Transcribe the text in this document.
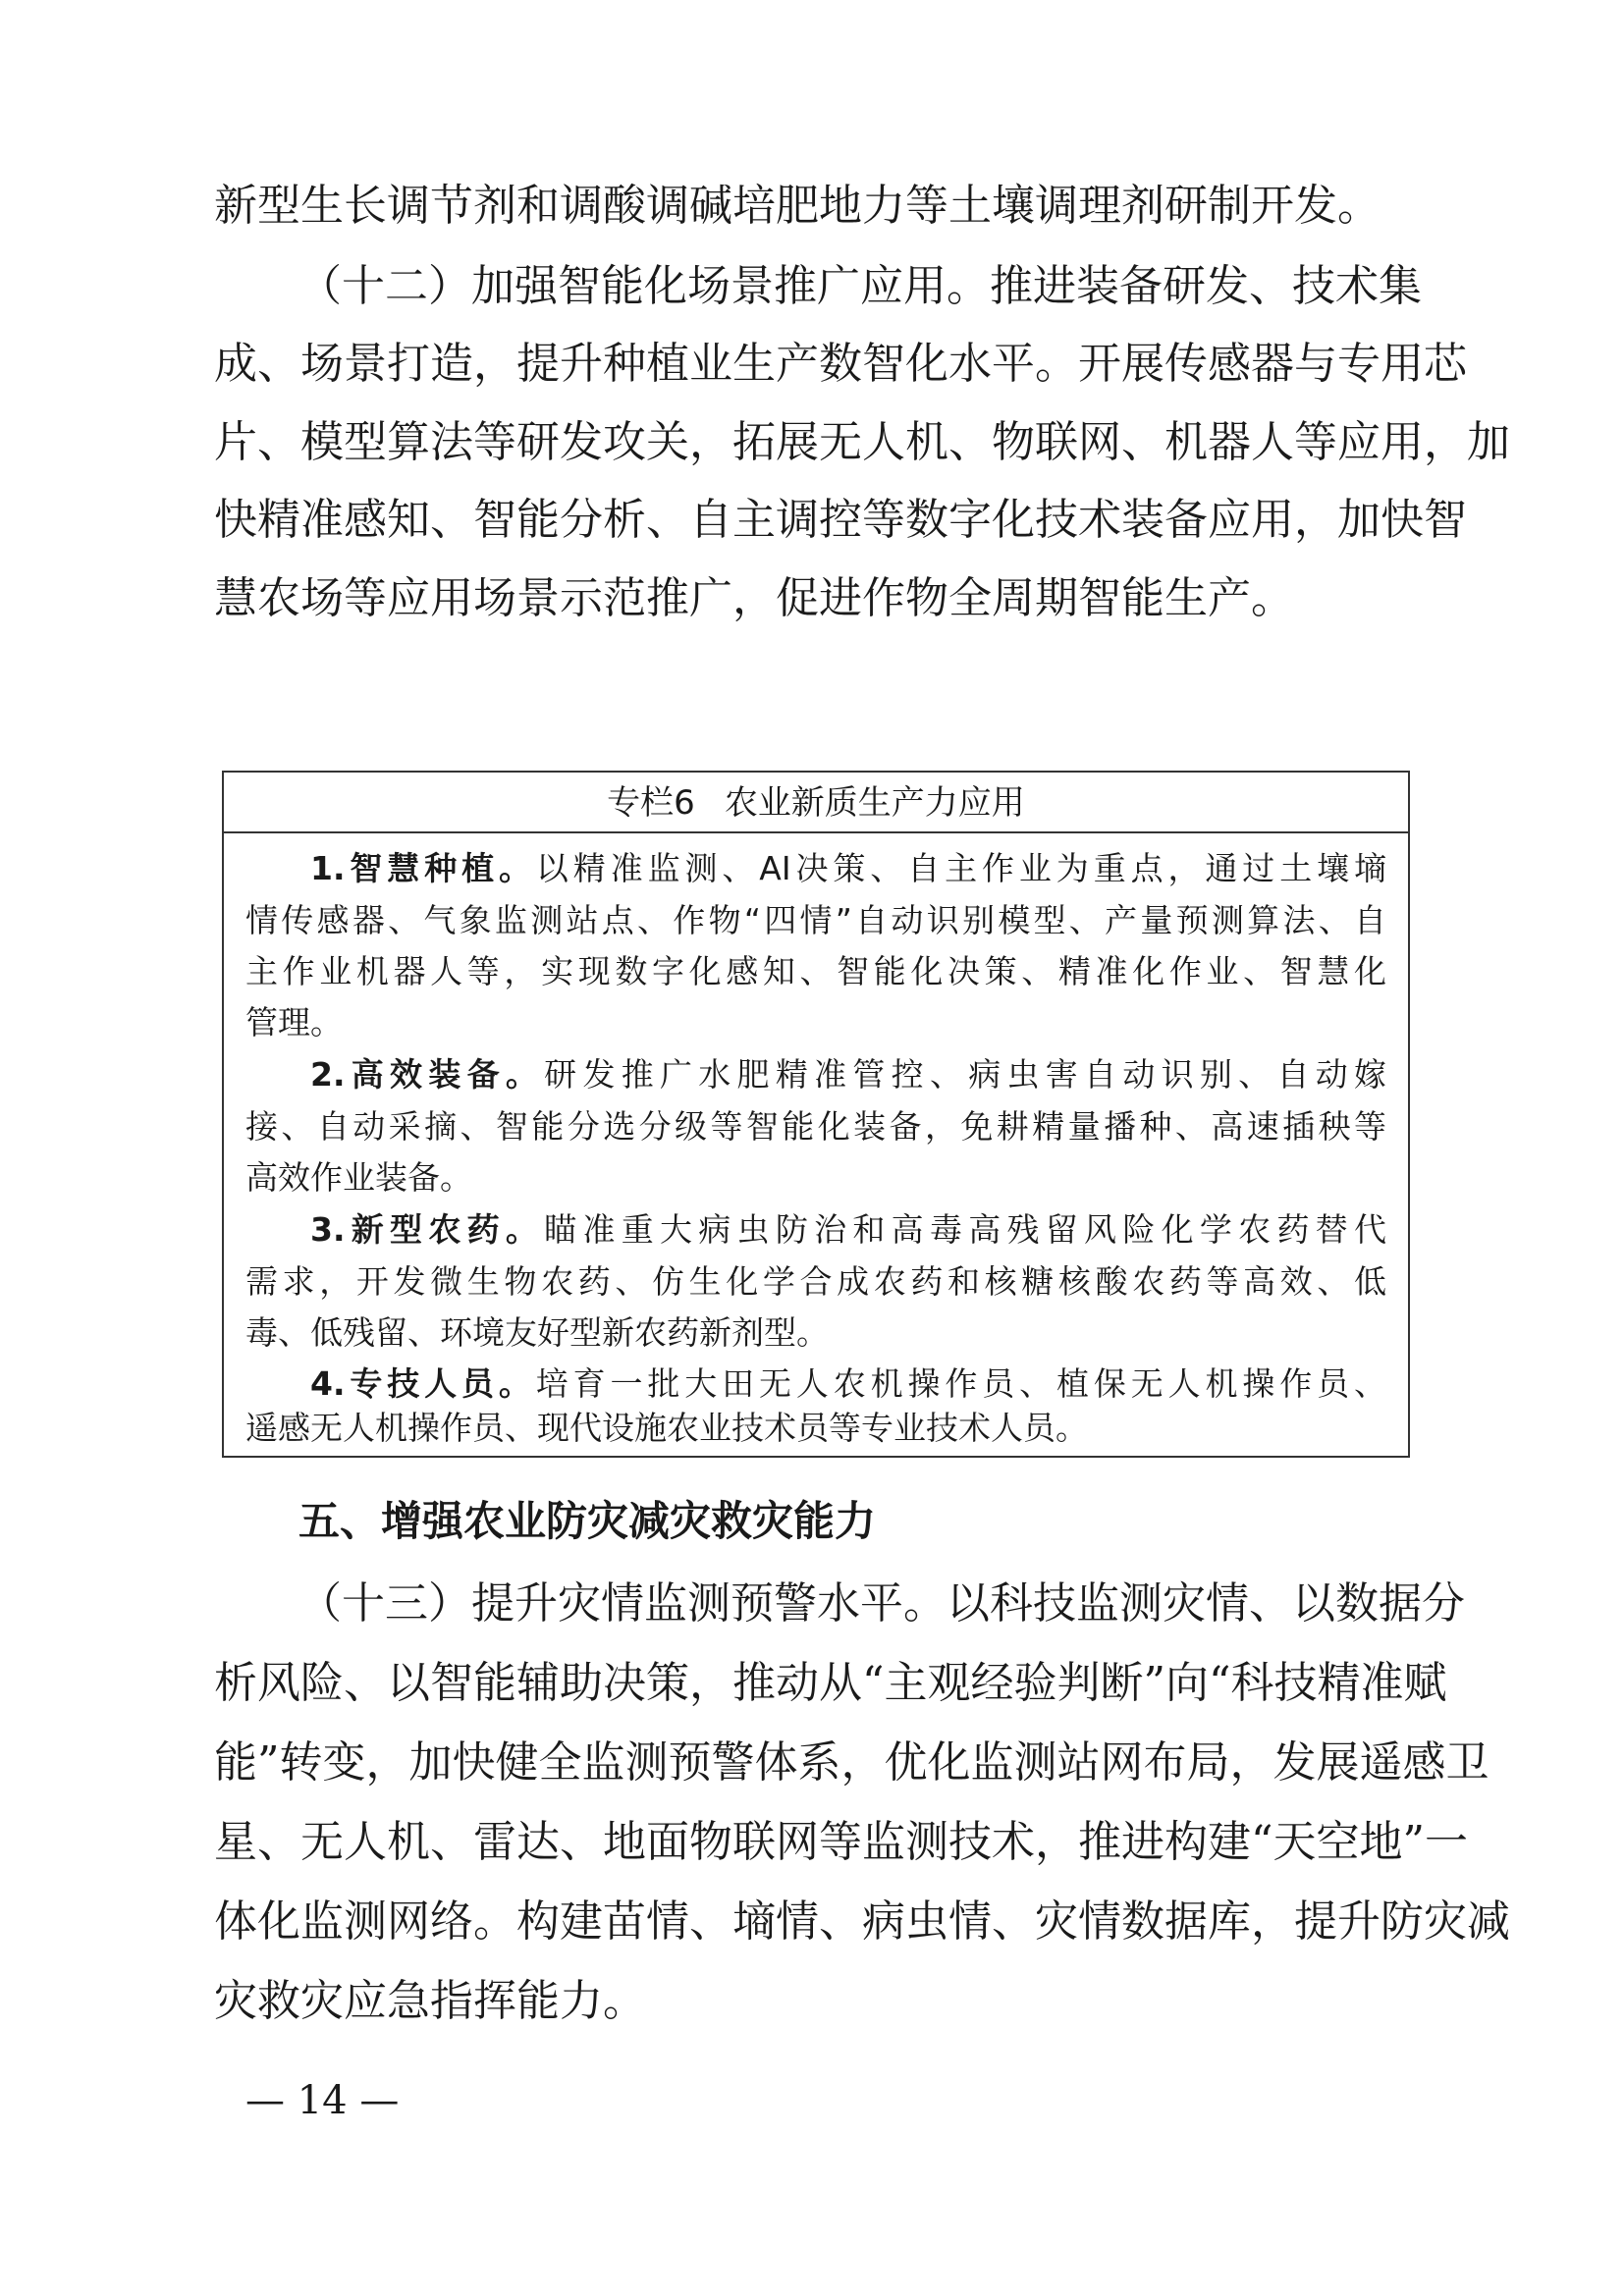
新型生长调节剂和调酸调碱培肥地力等土壤调理剂研制开发。
（十二）加强智能化场景推广应用。推进装备研发、技术集
成、场景打造，提升种植业生产数智化水平。开展传感器与专用芯
片、模型算法等研发攻关，拓展无人机、物联网、机器人等应用，加
快精准感知、智能分析、自主调控等数字化技术装备应用，加快智
慧农场等应用场景示范推广，促进作物全周期智能生产。
专栏6 农业新质生产力应用
1.智慧种植。以精准监测、AI决策、自主作业为重点，通过土壤墒
情传感器、气象监测站点、作物“四情”自动识别模型、产量预测算法、自
主作业机器人等，实现数字化感知、智能化决策、精准化作业、智慧化
管理。
2.高效装备。研发推广水肥精准管控、病虫害自动识别、自动嫁
接、自动采摘、智能分选分级等智能化装备，免耕精量播种、高速插秧等
高效作业装备。
3.新型农药。瞄准重大病虫防治和高毒高残留风险化学农药替代
需求，开发微生物农药、仿生化学合成农药和核糖核酸农药等高效、低
毒、低残留、环境友好型新农药新剂型。
4.专技人员。培育一批大田无人农机操作员、植保无人机操作员、
遥感无人机操作员、现代设施农业技术员等专业技术人员。
五、增强农业防灾减灾救灾能力
（十三）提升灾情监测预警水平。以科技监测灾情、以数据分
析风险、以智能辅助决策，推动从“主观经验判断”向“科技精准赋
能”转变，加快健全监测预警体系，优化监测站网布局，发展遥感卫
星、无人机、雷达、地面物联网等监测技术，推进构建“天空地”一
体化监测网络。构建苗情、墒情、病虫情、灾情数据库，提升防灾减
灾救灾应急指挥能力。
— 14 —
